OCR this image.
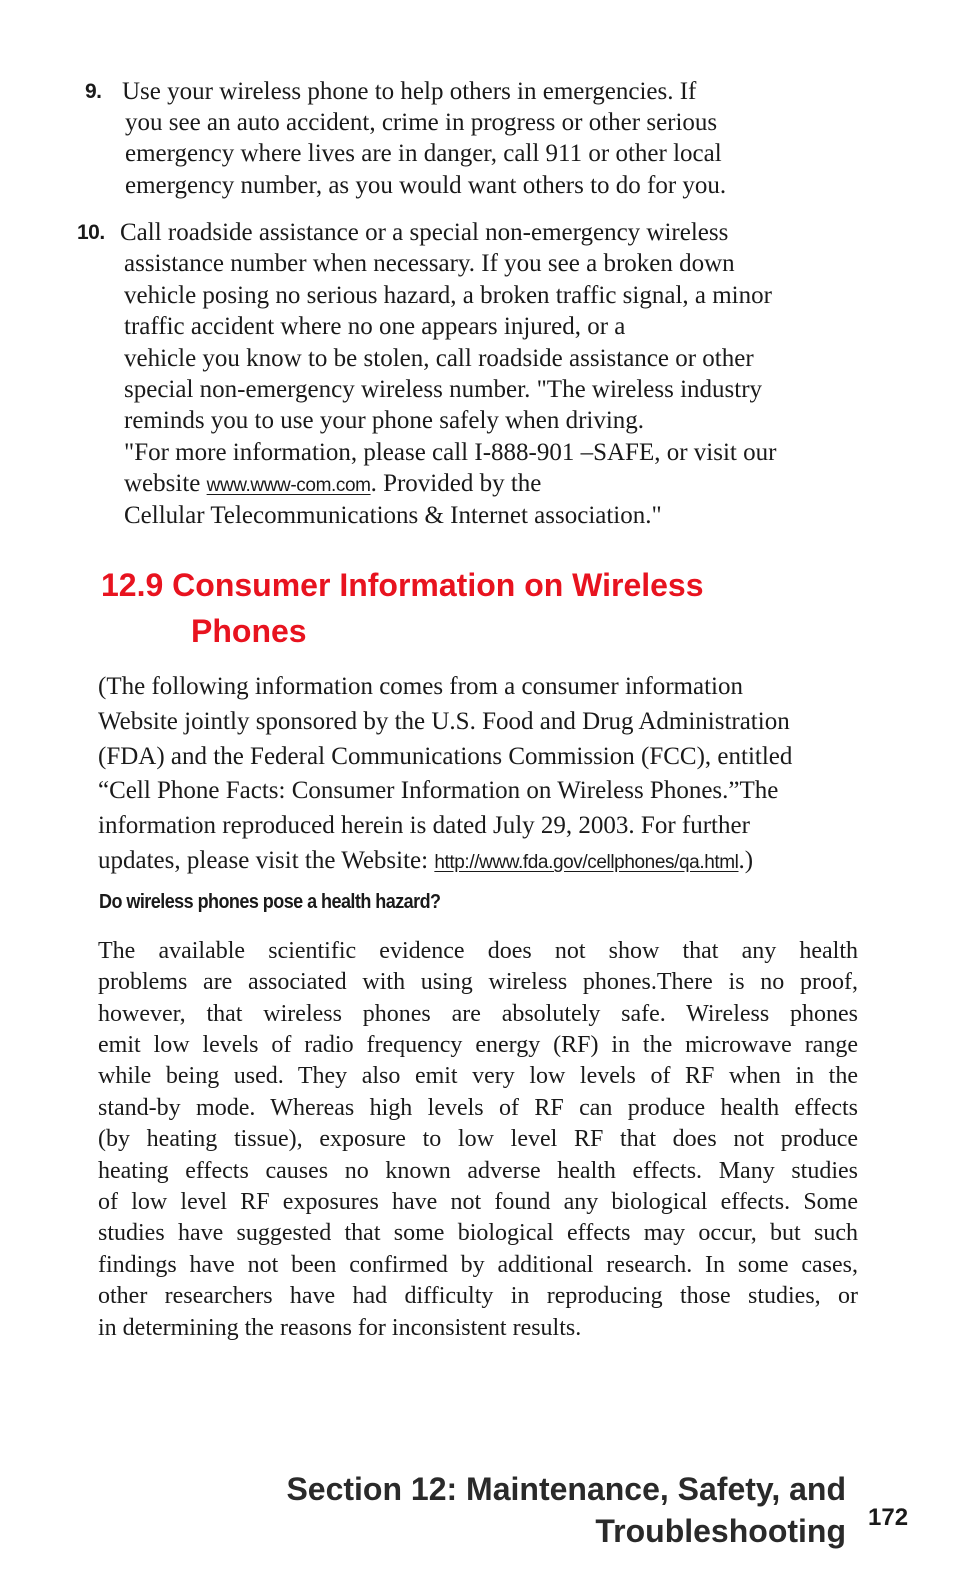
9. Use your wireless phone to help others in emergencies. If
you see an auto accident, crime in progress or other serious
emergency where lives are in danger, call 911 or other local
emergency number, as you would want others to do for you.
10. Call roadside assistance or a special non-emergency wireless
assistance number when necessary. If you see a broken down
vehicle posing no serious hazard, a broken traffic signal, a minor
traffic accident where no one appears injured, or a
vehicle you know to be stolen, call roadside assistance or other
special non-emergency wireless number. "The wireless industry
reminds you to use your phone safely when driving.
"For more information, please call I-888-901 –SAFE, or visit our
website www.www-com.com. Provided by the
Cellular Telecommunications & Internet association."
12.9 Consumer Information on Wireless
Phones
(The following information comes from a consumer information
Website jointly sponsored by the U.S. Food and Drug Administration
(FDA) and the Federal Communications Commission (FCC), entitled
“Cell Phone Facts: Consumer Information on Wireless Phones.”The
information reproduced herein is dated July 29, 2003. For further
updates, please visit the Website: http://www.fda.gov/cellphones/qa.html.)
Do wireless phones pose a health hazard?
The available scientific evidence does not show that any health
problems are associated with using wireless phones.There is no proof,
however, that wireless phones are absolutely safe. Wireless phones
emit low levels of radio frequency energy (RF) in the microwave range
while being used. They also emit very low levels of RF when in the
stand-by mode. Whereas high levels of RF can produce health effects
(by heating tissue), exposure to low level RF that does not produce
heating effects causes no known adverse health effects. Many studies
of low level RF exposures have not found any biological effects. Some
studies have suggested that some biological effects may occur, but such
findings have not been confirmed by additional research. In some cases,
other researchers have had difficulty in reproducing those studies, or
in determining the reasons for inconsistent results.
Section 12: Maintenance, Safety, and
Troubleshooting 172
